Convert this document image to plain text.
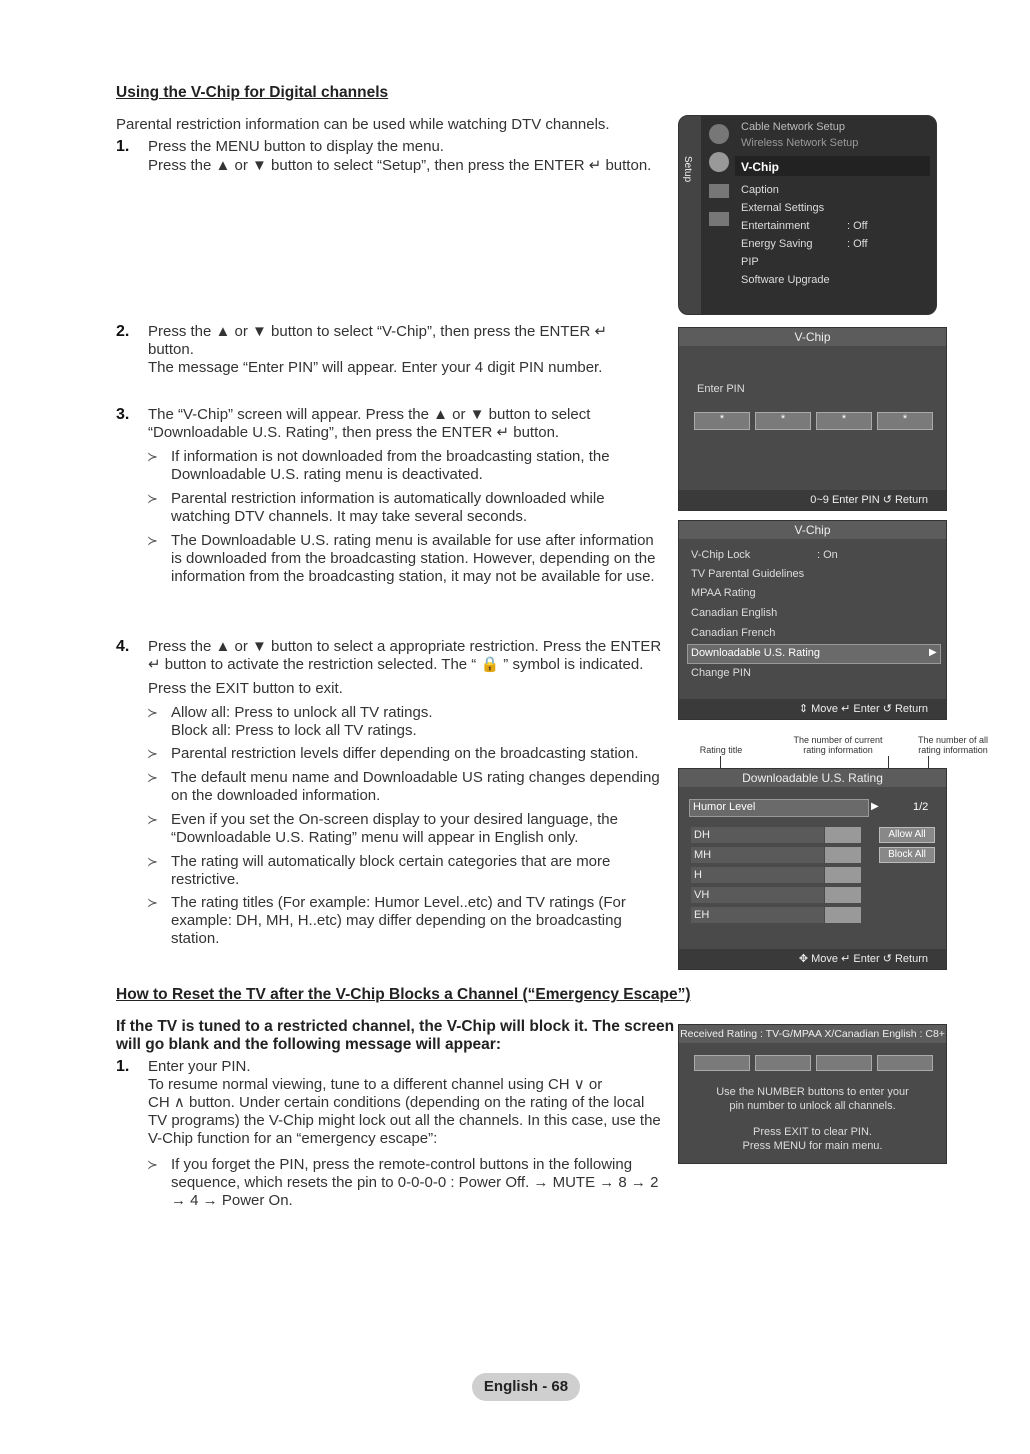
Using the V-Chip for Digital channels
Parental restriction information can be used while watching DTV channels.
1. Press the MENU button to display the menu.
Press the ▲ or ▼ button to select “Setup”, then press the ENTER ↵ button.
2. Press the ▲ or ▼ button to select “V-Chip”, then press the ENTER ↵
button.
The message “Enter PIN” will appear. Enter your 4 digit PIN number.
3. The “V-Chip” screen will appear. Press the ▲ or ▼ button to select
“Downloadable U.S. Rating”, then press the ENTER ↵ button.
≻ If information is not downloaded from the broadcasting station, the
Downloadable U.S. rating menu is deactivated.
≻ Parental restriction information is automatically downloaded while
watching DTV channels. It may take several seconds.
≻ The Downloadable U.S. rating menu is available for use after information
is downloaded from the broadcasting station. However, depending on the
information from the broadcasting station, it may not be available for use.
4. Press the ▲ or ▼ button to select a appropriate restriction. Press the ENTER
↵ button to activate the restriction selected. The “ 🔒 ” symbol is indicated.
Press the EXIT button to exit.
≻ Allow all: Press to unlock all TV ratings.
Block all: Press to lock all TV ratings.
≻ Parental restriction levels differ depending on the broadcasting station.
≻ The default menu name and Downloadable US rating changes depending
on the downloaded information.
≻ Even if you set the On-screen display to your desired language, the
“Downloadable U.S. Rating” menu will appear in English only.
≻ The rating will automatically block certain categories that are more
restrictive.
≻ The rating titles (For example: Humor Level..etc) and TV ratings (For
example: DH, MH, H..etc) may differ depending on the broadcasting
station.
How to Reset the TV after the V-Chip Blocks a Channel (“Emergency Escape”)
If the TV is tuned to a restricted channel, the V-Chip will block it. The screen
will go blank and the following message will appear:
1. Enter your PIN.
To resume normal viewing, tune to a different channel using CH ∨ or
CH ∧ button. Under certain conditions (depending on the rating of the local
TV programs) the V-Chip might lock out all the channels. In this case, use the
V-Chip function for an “emergency escape”:
≻ If you forget the PIN, press the remote-control buttons in the following
sequence, which resets the pin to 0-0-0-0 : Power Off. → MUTE → 8 → 2
→ 4 → Power On.
Setup
Cable Network Setup
Wireless Network Setup
V-Chip
Caption
External Settings
Entertainment	: Off
Energy Saving	: Off
PIP
Software Upgrade
V-Chip
Enter PIN
*	*	*	*
0~9 Enter PIN ↺ Return
V-Chip
V-Chip Lock	: On
TV Parental Guidelines
MPAA Rating
Canadian English
Canadian French
Downloadable U.S. Rating	▶
Change PIN
⇕ Move ↵ Enter ↺ Return
Rating title
The number of current
rating information
The number of all
rating information
Downloadable U.S. Rating
Humor Level	▶	1/2
DH
MH
H
VH
EH
Allow All
Block All
✥ Move ↵ Enter ↺ Return
Received Rating : TV-G/MPAA X/Canadian English : C8+
Use the NUMBER buttons to enter your
pin number to unlock all channels.
Press EXIT to clear PIN.
Press MENU for main menu.
English - 68
